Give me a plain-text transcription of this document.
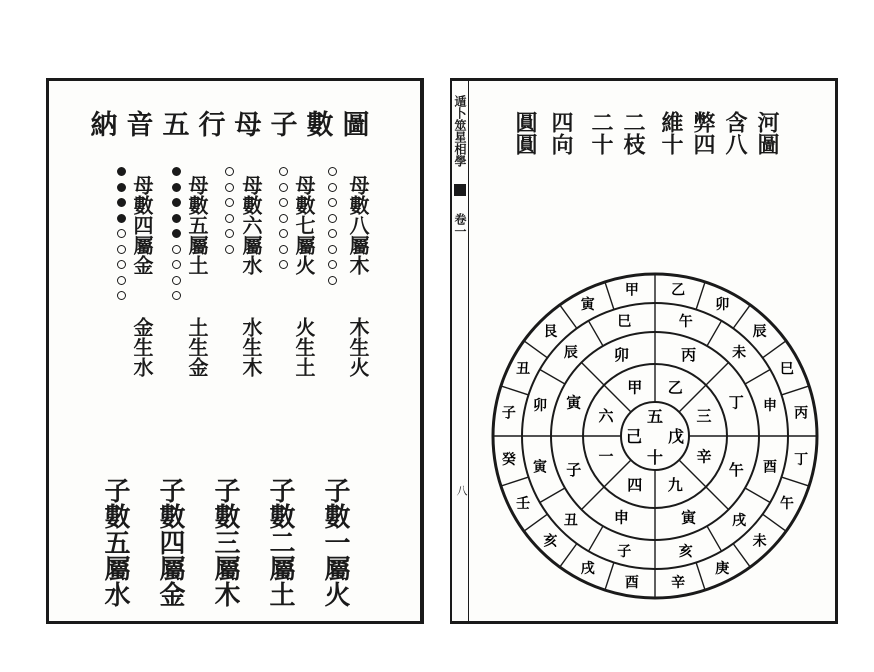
納音五行母子數圖
母數八屬木
木生火
母數七屬火
火生土
母數六屬水
水生木
母數五屬土
土生金
母數四屬金
金生水
子數一屬火
子數二屬土
子數三屬木
子數四屬金
子數五屬水
遁卜筮星相學  卷一
八
河圖
含八
弊四
維十
二枝
二十
四向
圓圓
乙
三
辛
九
四
一
六
甲
丙
丁
午
寅
申
子
寅
卯
午
未
申
酉
戌
亥
子
丑
寅
卯
辰
巳
乙
卯
辰
巳
丙
丁
午
未
庚
辛
酉
戌
亥
壬
癸
子
丑
艮
寅
甲
五
戊
十
己
